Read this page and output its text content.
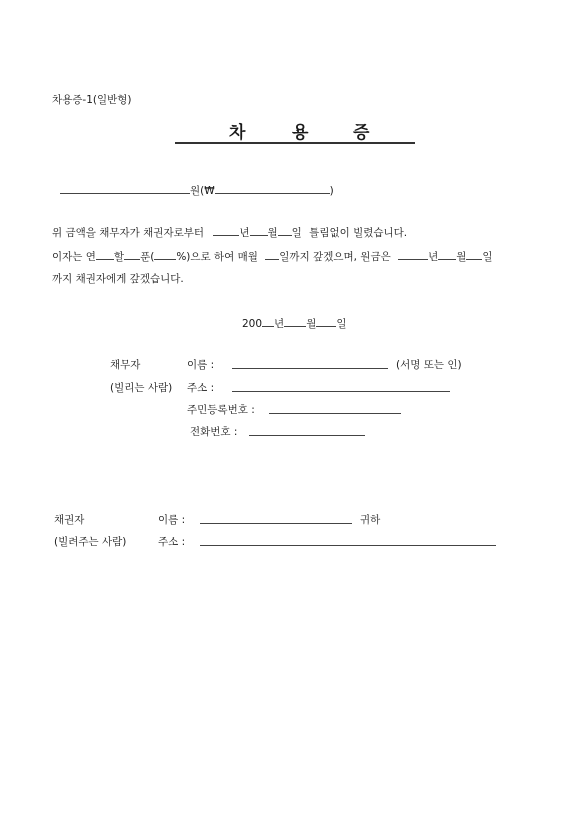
차용증-1(일반형)
차	용	증
원(₩	)
위 금액을 채무자가 채권자로부터	년 월 일 틀림없이 빌렸습니다.
이자는 연 할 푼( %)으로 하여 매월 일까지 갚겠으며, 원금은	년 월 일
까지 채권자에게 갚겠습니다.
200 년 월 일
채무자	이름 :	(서명 또는 인)
(빌리는 사람) 주소 :
주민등록번호 :
전화번호 :
채권자	이름 :	귀하
(빌려주는 사람)	주소 :
